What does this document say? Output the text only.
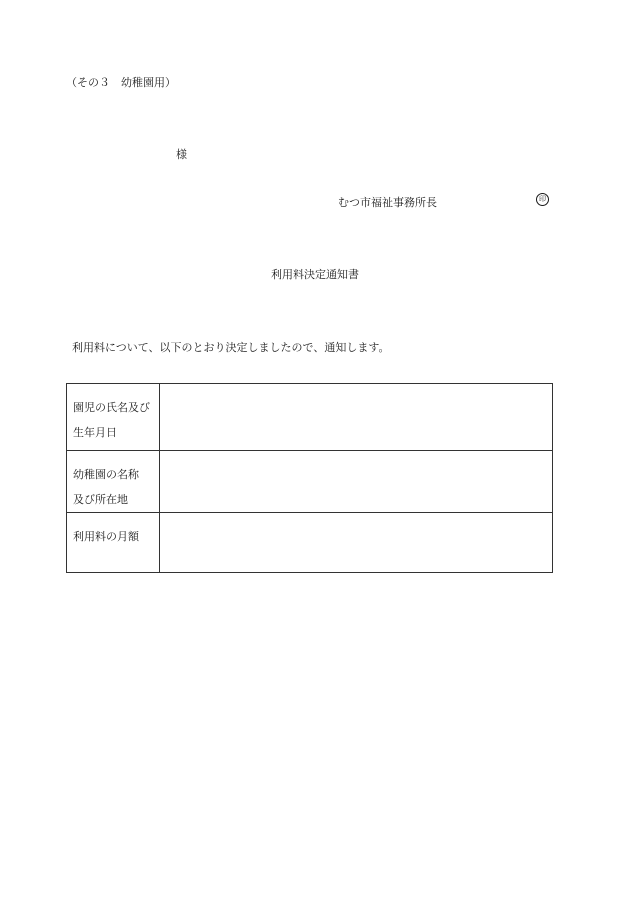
（その３　幼稚園用）
様
むつ市福祉事務所長	印
利用料決定通知書
利用料について、以下のとおり決定しましたので、通知します。
園児の氏名及び
生年月日	

幼稚園の名称
及び所在地	

利用料の月額	
